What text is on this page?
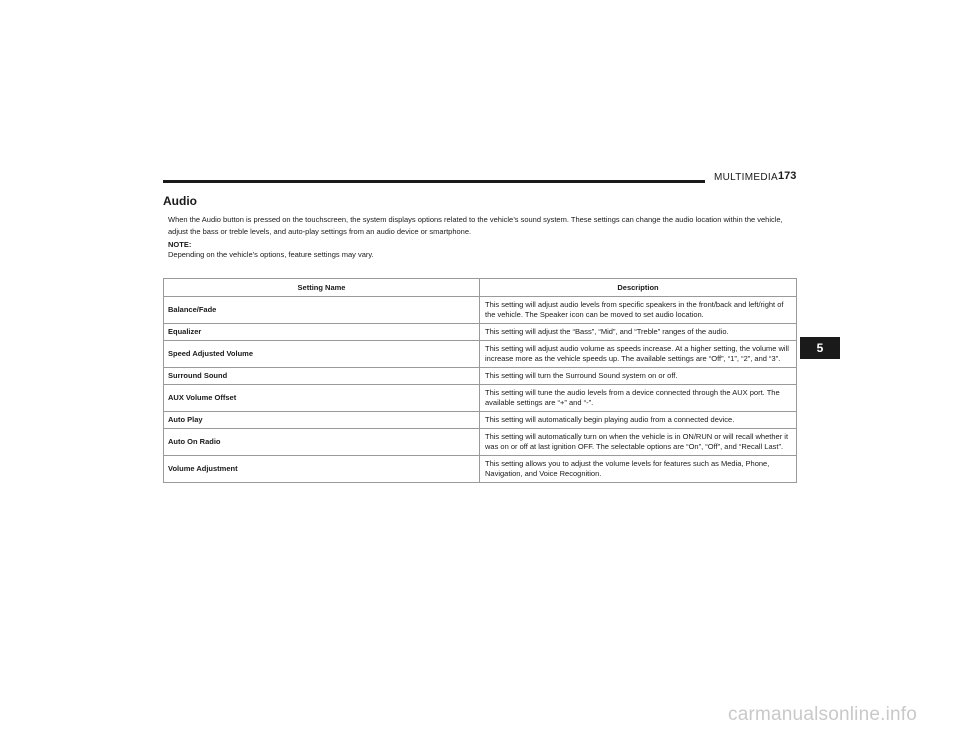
MULTIMEDIA 173
Audio

When the Audio button is pressed on the touchscreen, the system displays options related to the vehicle’s sound system. These settings can change the audio location within the vehicle, adjust the bass or treble levels, and auto-play settings from an audio device or smartphone.

NOTE:

Depending on the vehicle’s options, feature settings may vary.

Setting Name	Description
Balance/Fade	This setting will adjust audio levels from specific speakers in the front/back and left/right of the vehicle. The Speaker icon can be moved to set audio location.
Equalizer	This setting will adjust the “Bass”, “Mid”, and “Treble” ranges of the audio.
Speed Adjusted Volume	This setting will adjust audio volume as speeds increase. At a higher setting, the volume will increase more as the vehicle speeds up. The available settings are “Off”, “1”, “2”, and “3”.
Surround Sound	This setting will turn the Surround Sound system on or off.
AUX Volume Offset	This setting will tune the audio levels from a device connected through the AUX port. The available settings are “+” and “-”.
Auto Play	This setting will automatically begin playing audio from a connected device.
Auto On Radio	This setting will automatically turn on when the vehicle is in ON/RUN or will recall whether it was on or off at last ignition OFF. The selectable options are “On”, “Off”, and “Recall Last”.
Volume Adjustment	This setting allows you to adjust the volume levels for features such as Media, Phone, Navigation, and Voice Recognition.
5
carmanualsonline.info
